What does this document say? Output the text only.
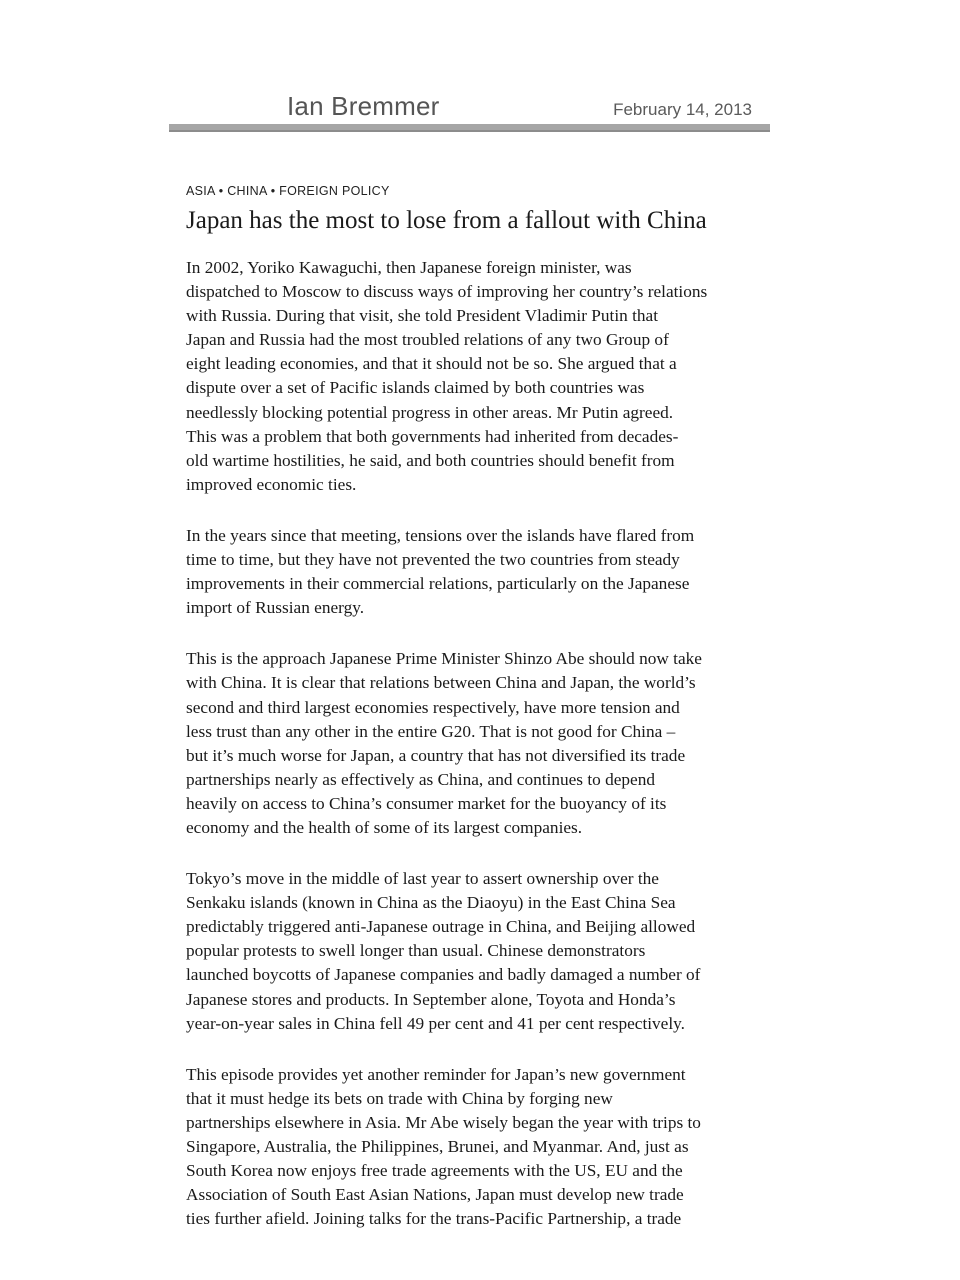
Ian Bremmer	February 14, 2013
ASIA • CHINA • FOREIGN POLICY
Japan has the most to lose from a fallout with China

In 2002, Yoriko Kawaguchi, then Japanese foreign minister, was
dispatched to Moscow to discuss ways of improving her country’s relations
with Russia. During that visit, she told President Vladimir Putin that
Japan and Russia had the most troubled relations of any two Group of
eight leading economies, and that it should not be so. She argued that a
dispute over a set of Pacific islands claimed by both countries was
needlessly blocking potential progress in other areas. Mr Putin agreed.
This was a problem that both governments had inherited from decades-
old wartime hostilities, he said, and both countries should benefit from
improved economic ties.

In the years since that meeting, tensions over the islands have flared from
time to time, but they have not prevented the two countries from steady
improvements in their commercial relations, particularly on the Japanese
import of Russian energy.

This is the approach Japanese Prime Minister Shinzo Abe should now take
with China. It is clear that relations between China and Japan, the world’s
second and third largest economies respectively, have more tension and
less trust than any other in the entire G20. That is not good for China –
but it’s much worse for Japan, a country that has not diversified its trade
partnerships nearly as effectively as China, and continues to depend
heavily on access to China’s consumer market for the buoyancy of its
economy and the health of some of its largest companies.

Tokyo’s move in the middle of last year to assert ownership over the
Senkaku islands (known in China as the Diaoyu) in the East China Sea
predictably triggered anti-Japanese outrage in China, and Beijing allowed
popular protests to swell longer than usual. Chinese demonstrators
launched boycotts of Japanese companies and badly damaged a number of
Japanese stores and products. In September alone, Toyota and Honda’s
year-on-year sales in China fell 49 per cent and 41 per cent respectively.

This episode provides yet another reminder for Japan’s new government
that it must hedge its bets on trade with China by forging new
partnerships elsewhere in Asia. Mr Abe wisely began the year with trips to
Singapore, Australia, the Philippines, Brunei, and Myanmar. And, just as
South Korea now enjoys free trade agreements with the US, EU and the
Association of South East Asian Nations, Japan must develop new trade
ties further afield. Joining talks for the trans-Pacific Partnership, a trade
